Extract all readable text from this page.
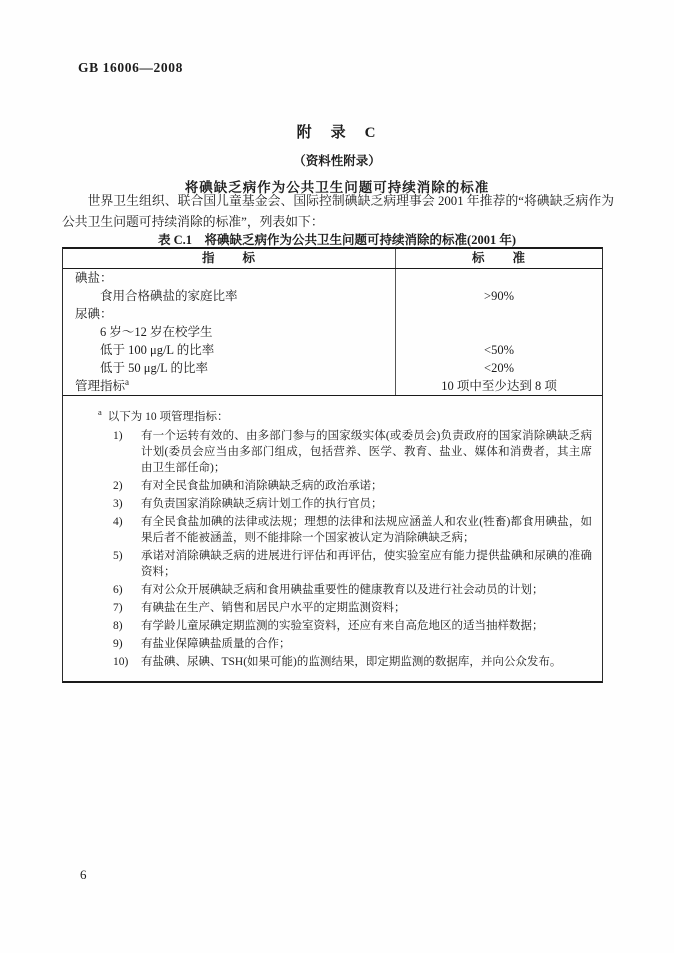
GB 16006—2008
附　录　C
（资料性附录）
将碘缺乏病作为公共卫生问题可持续消除的标准

世界卫生组织、联合国儿童基金会、国际控制碘缺乏病理事会 2001 年推荐的“将碘缺乏病作为公共卫生问题可持续消除的标准”，列表如下：

表 C.1　将碘缺乏病作为公共卫生问题可持续消除的标准(2001 年)
指　　标	标　　准
碘盐：
食用合格碘盐的家庭比率	>90%
尿碘：
6 岁～12 岁在校学生
低于 100 μg/L 的比率	<50%
低于 50 μg/L 的比率	<20%
管理指标$^a$	10 项中至少达到 8 项
$^a$ 以下为 10 项管理指标：
1)	有一个运转有效的、由多部门参与的国家级实体(或委员会)负责政府的国家消除碘缺乏病计划(委员会应当由多部门组成，包括营养、医学、教育、盐业、媒体和消费者，其主席由卫生部任命)；
2)	有对全民食盐加碘和消除碘缺乏病的政治承诺；
3)	有负责国家消除碘缺乏病计划工作的执行官员；
4)	有全民食盐加碘的法律或法规；理想的法律和法规应涵盖人和农业(牲畜)都食用碘盐，如果后者不能被涵盖，则不能排除一个国家被认定为消除碘缺乏病；
5)	承诺对消除碘缺乏病的进展进行评估和再评估，使实验室应有能力提供盐碘和尿碘的准确资料；
6)	有对公众开展碘缺乏病和食用碘盐重要性的健康教育以及进行社会动员的计划；
7)	有碘盐在生产、销售和居民户水平的定期监测资料；
8)	有学龄儿童尿碘定期监测的实验室资料，还应有来自高危地区的适当抽样数据；
9)	有盐业保障碘盐质量的合作；
10)	有盐碘、尿碘、TSH(如果可能)的监测结果，即定期监测的数据库，并向公众发布。
6
